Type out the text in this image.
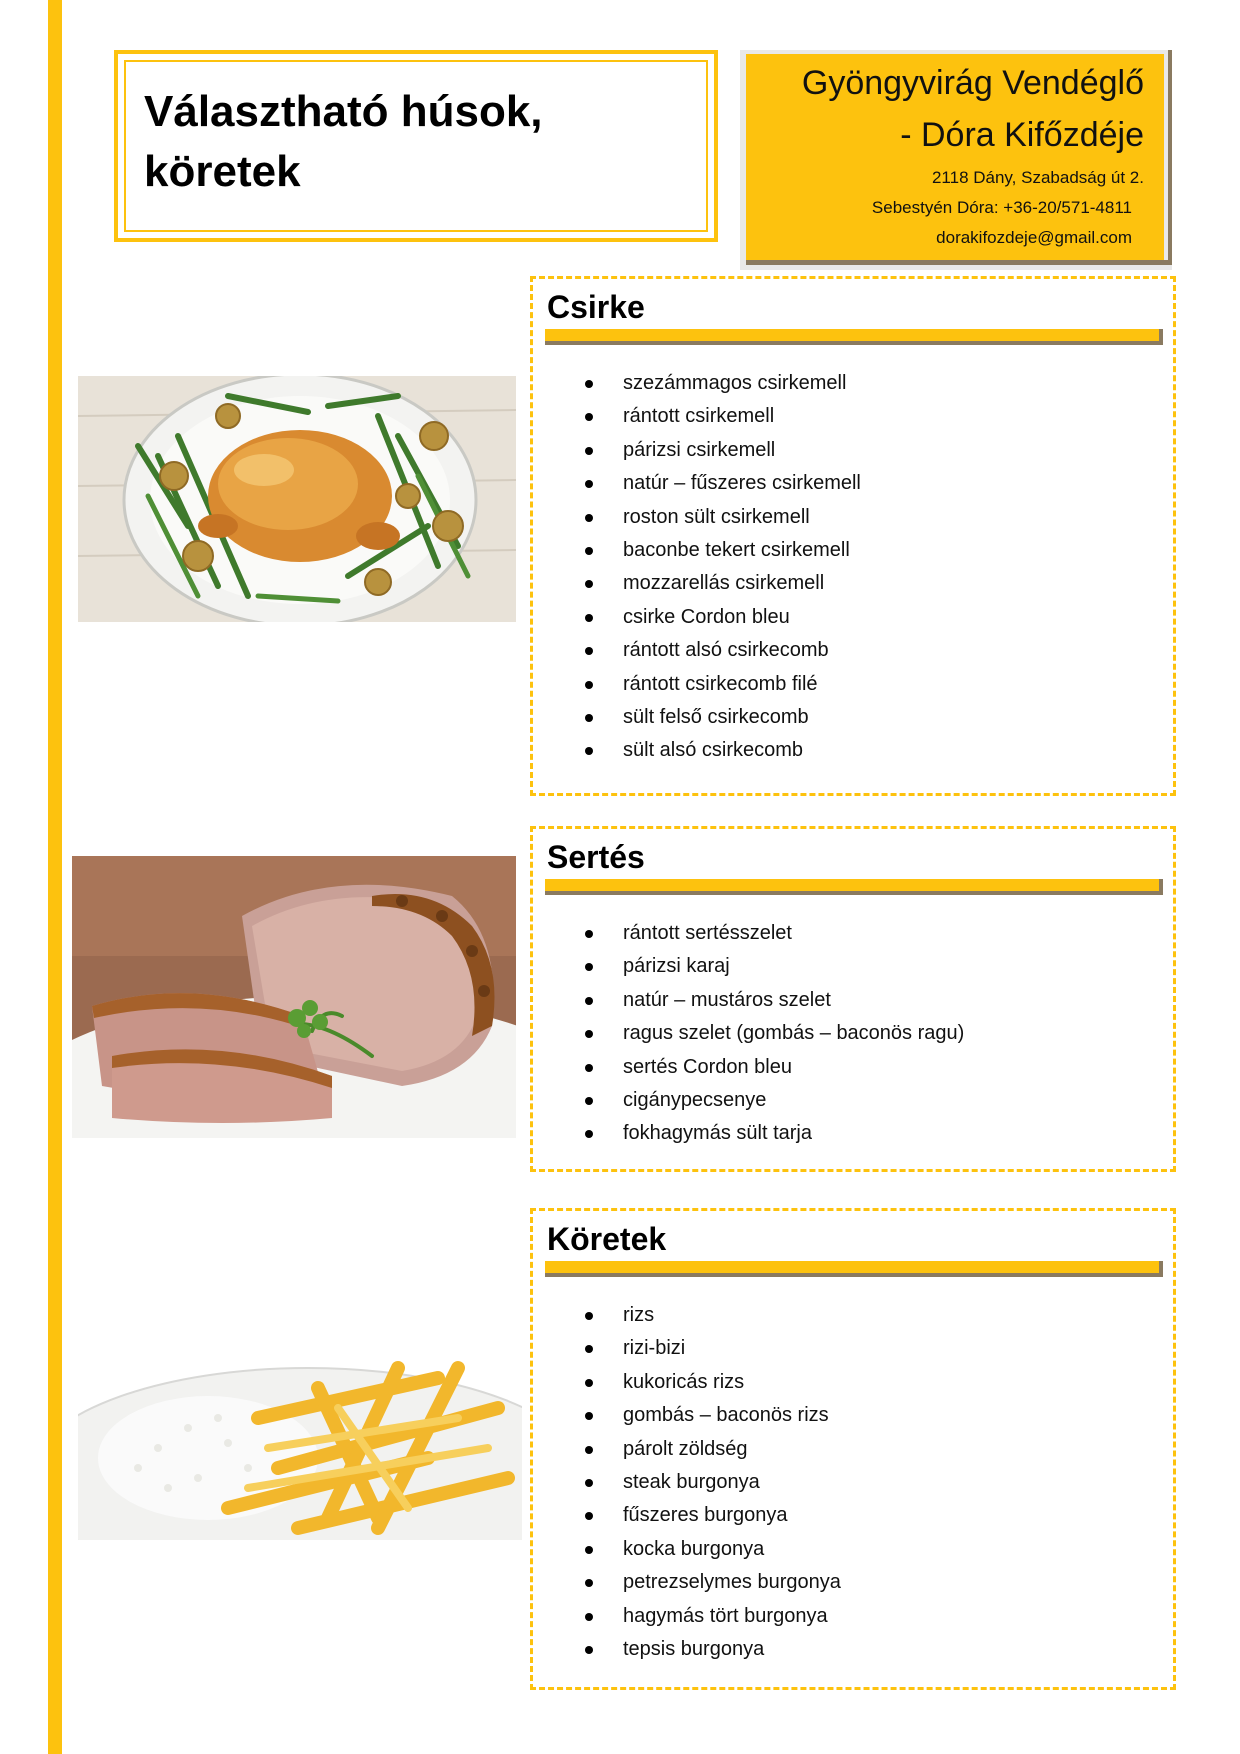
Választható húsok, köretek
Gyöngyvirág Vendéglő
- Dóra Kifőzdéje
2118 Dány, Szabadság út 2.
Sebestyén Dóra: +36-20/571-4811
dorakifozdeje@gmail.com
Csirke
szezámmagos csirkemell
rántott csirkemell
párizsi csirkemell
natúr – fűszeres csirkemell
roston sült csirkemell
baconbe tekert csirkemell
mozzarellás csirkemell
csirke Cordon bleu
rántott alsó csirkecomb
rántott csirkecomb filé
sült felső csirkecomb
sült alsó csirkecomb
Sertés
rántott sertésszelet
párizsi karaj
natúr – mustáros szelet
ragus szelet (gombás – baconös ragu)
sertés Cordon bleu
cigánypecsenye
fokhagymás sült tarja
Köretek
rizs
rizi-bizi
kukoricás rizs
gombás – baconös rizs
párolt zöldség
steak burgonya
fűszeres burgonya
kocka burgonya
petrezselymes burgonya
hagymás tört burgonya
tepsis burgonya
